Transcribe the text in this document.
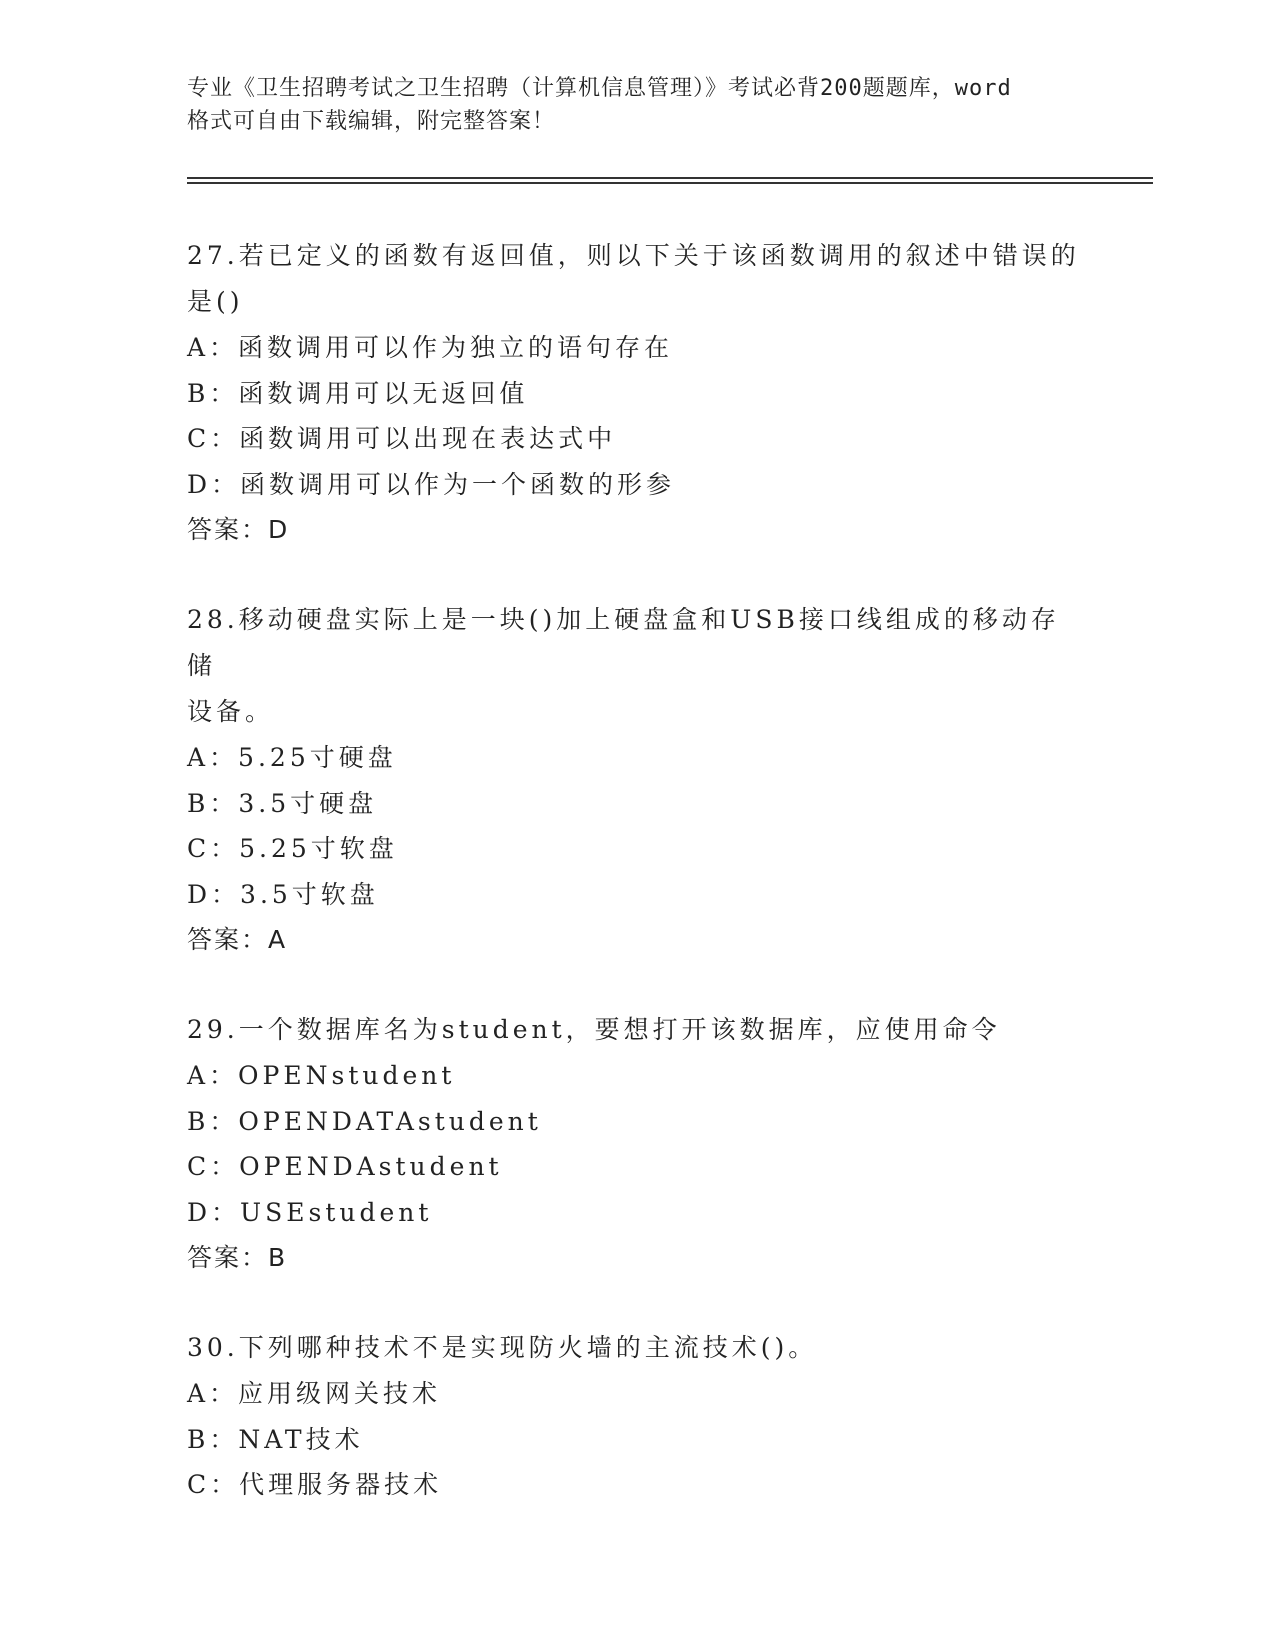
专业《卫生招聘考试之卫生招聘（计算机信息管理）》考试必背200题题库，word
格式可自由下载编辑，附完整答案！

27.若已定义的函数有返回值，则以下关于该函数调用的叙述中错误的
是()

A：函数调用可以作为独立的语句存在

B：函数调用可以无返回值

C：函数调用可以出现在表达式中

D：函数调用可以作为一个函数的形参

答案：D

28.移动硬盘实际上是一块()加上硬盘盒和USB接口线组成的移动存储
设备。

A：5.25寸硬盘

B：3.5寸硬盘

C：5.25寸软盘

D：3.5寸软盘

答案：A

29.一个数据库名为student，要想打开该数据库，应使用命令

A：OPENstudent

B：OPENDATAstudent

C：OPENDAstudent

D：USEstudent

答案：B

30.下列哪种技术不是实现防火墙的主流技术()。

A：应用级网关技术

B：NAT技术

C：代理服务器技术
